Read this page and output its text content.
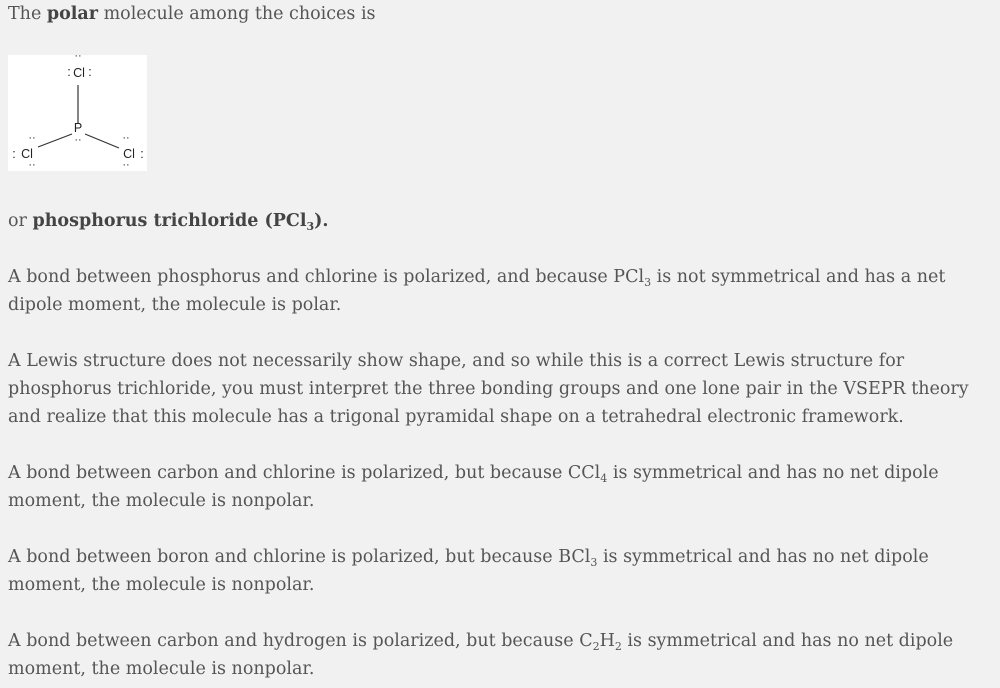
The polar molecule among the choices is

··
: Cl :
P
··
··
: Cl
··
··
Cl :
··

or phosphorus trichloride (PCl$_3$).

A bond between phosphorus and chlorine is polarized, and because PCl$_3$ is not symmetrical and has a net dipole moment, the molecule is polar.

A Lewis structure does not necessarily show shape, and so while this is a correct Lewis structure for phosphorus trichloride, you must interpret the three bonding groups and one lone pair in the VSEPR theory and realize that this molecule has a trigonal pyramidal shape on a tetrahedral electronic framework.

A bond between carbon and chlorine is polarized, but because CCl$_4$ is symmetrical and has no net dipole moment, the molecule is nonpolar.

A bond between boron and chlorine is polarized, but because BCl$_3$ is symmetrical and has no net dipole moment, the molecule is nonpolar.

A bond between carbon and hydrogen is polarized, but because $C_2H_2$ is symmetrical and has no net dipole moment, the molecule is nonpolar.
